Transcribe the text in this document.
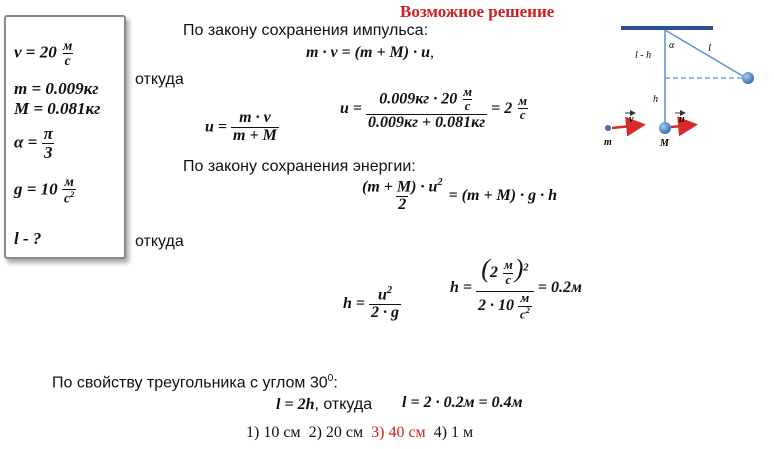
Возможное решение
$v = 20 \frac{м}{с}$
m = 0.009кг
M = 0.081кг
$\alpha = \frac{\pi}{3}$
$g = 10 \frac{м}{с^2}$
l - ?
По закону сохранения импульса:
m · v = (m + M) · u,
откуда
$u = \frac{m \cdot v}{m + M}$
$u = \frac{0.009кг \cdot 20 \frac{м}{с}}{0.009кг + 0.081кг} = 2 \frac{м}{с}$
По закону сохранения энергии:
$\frac{(m + M) \cdot u^2}{2} = (m + M) \cdot g \cdot h$
откуда
$h = \frac{u^2}{2 \cdot g}$	$h = \frac{(2 \frac{м}{с} )^2}{2 \cdot 10 \frac{м}{с^2}} = 0.2м$
По свойству треугольника с углом $30^0$:
l = 2h, откуда l = 2 · 0.2м = 0.4м
1) 10 см 2) 20 см 3) 40 см 4) 1 м
α	l
l - h
h
v	u
m	M
